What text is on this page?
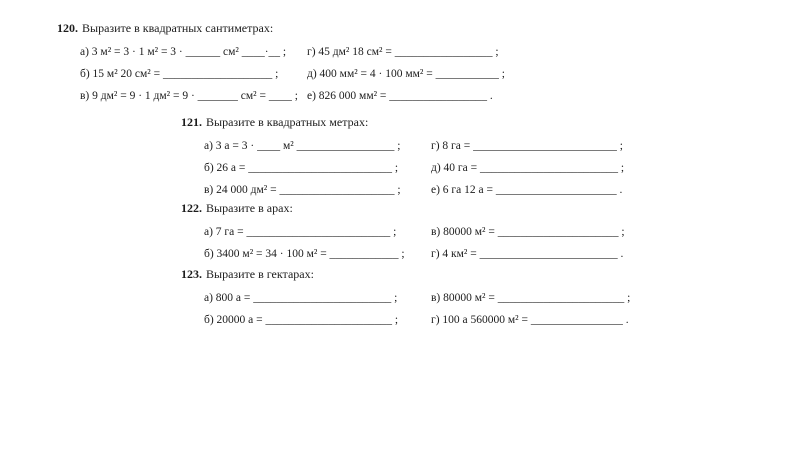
120. Выразите в квадратных сантиметрах:
а) 3 м² = 3 · 1 м² = 3 · ______ см² ____·__ ;	г) 45 дм² 18 см² = _________________ ;
б) 15 м² 20 см² = ___________________ ;	д) 400 мм² = 4 · 100 мм² = ___________ ;
в) 9 дм² = 9 · 1 дм² = 9 · _______ см² = ____ ; е) 826 000 мм² = _________________ .
121. Выразите в квадратных метрах:
а) 3 а = 3 · ____ м² _________________ ;	г) 8 га = _________________________ ;
б) 26 а = _________________________ ;	д) 40 га = ________________________ ;
в) 24 000 дм² = ____________________ ;	е) 6 га 12 а = _____________________ .
122. Выразите в арах:
а) 7 га = _________________________ ;	в) 80000 м² = _____________________ ;
б) 3400 м² = 34 · 100 м² = ____________ ;	г) 4 км² = ________________________ .
123. Выразите в гектарах:
а) 800 а = ________________________ ;	в) 80000 м² = ______________________ ;
б) 20000 а = ______________________ ;	г) 100 а 560000 м² = ________________ .
